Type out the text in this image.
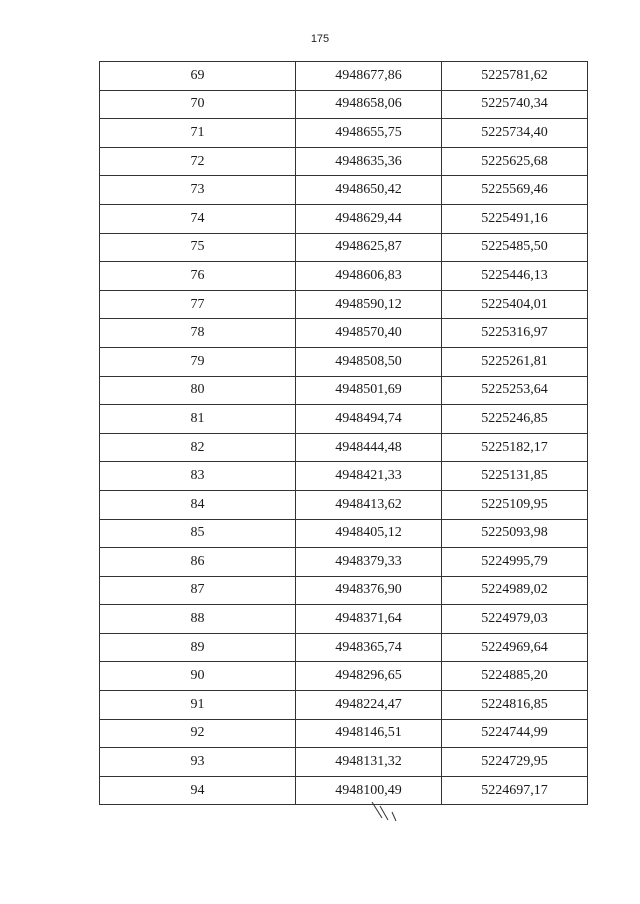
175
69	4948677,86	5225781,62
70	4948658,06	5225740,34
71	4948655,75	5225734,40
72	4948635,36	5225625,68
73	4948650,42	5225569,46
74	4948629,44	5225491,16
75	4948625,87	5225485,50
76	4948606,83	5225446,13
77	4948590,12	5225404,01
78	4948570,40	5225316,97
79	4948508,50	5225261,81
80	4948501,69	5225253,64
81	4948494,74	5225246,85
82	4948444,48	5225182,17
83	4948421,33	5225131,85
84	4948413,62	5225109,95
85	4948405,12	5225093,98
86	4948379,33	5224995,79
87	4948376,90	5224989,02
88	4948371,64	5224979,03
89	4948365,74	5224969,64
90	4948296,65	5224885,20
91	4948224,47	5224816,85
92	4948146,51	5224744,99
93	4948131,32	5224729,95
94	4948100,49	5224697,17
